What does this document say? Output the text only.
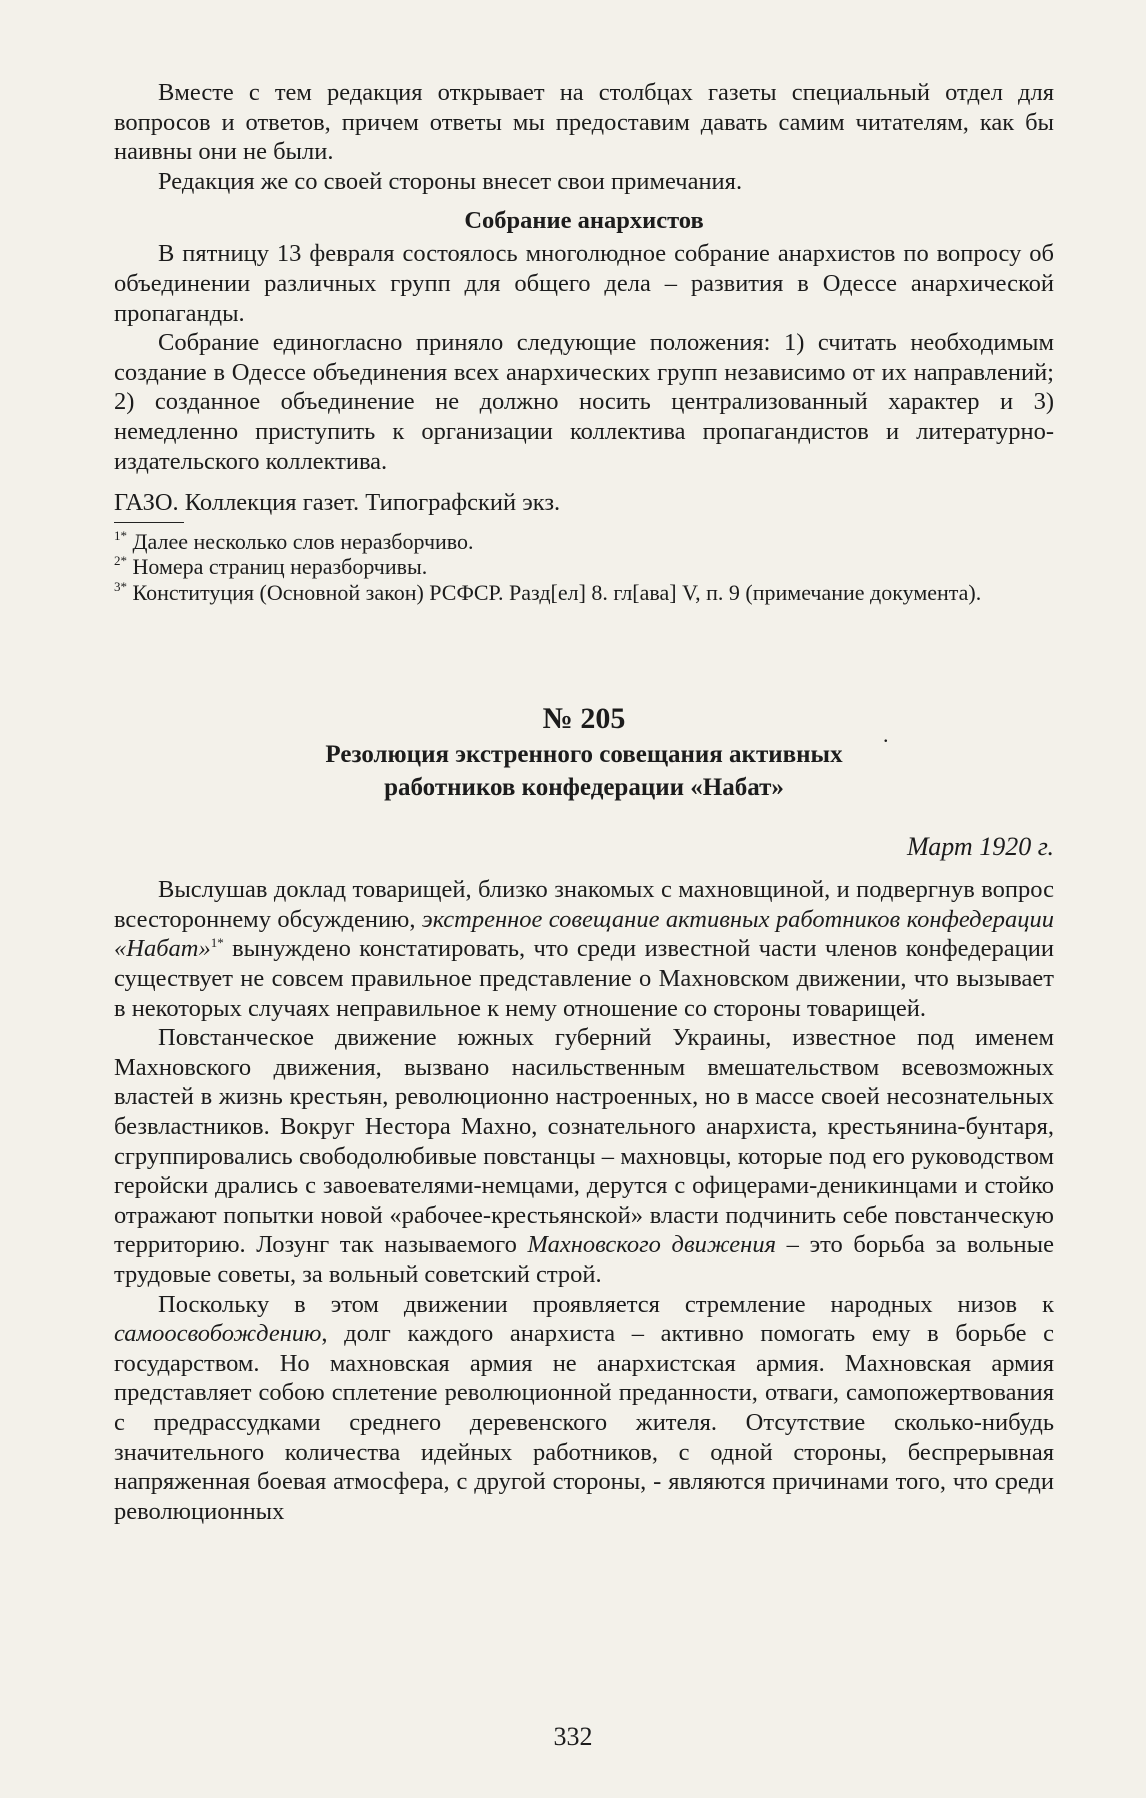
Вместе с тем редакция открывает на столбцах газеты специальный отдел для вопросов и ответов, причем ответы мы предоставим давать самим читателям, как бы наивны они не были.

Редакция же со своей стороны внесет свои примечания.

Собрание анархистов

В пятницу 13 февраля состоялось многолюдное собрание анархистов по вопросу об объединении различных групп для общего дела – развития в Одессе анархической пропаганды.

Собрание единогласно приняло следующие положения: 1) считать необходимым создание в Одессе объединения всех анархических групп независимо от их направлений; 2) созданное объединение не должно носить централизованный характер и 3) немедленно приступить к организации коллектива пропагандистов и литературно-издательского коллектива.

ГАЗО. Коллекция газет. Типографский экз.

$^{1*}$ Далее несколько слов неразборчиво.

$^{2*}$ Номера страниц неразборчивы.

$^{3*}$ Конституция (Основной закон) РСФСР. Разд[ел] 8. гл[ава] V, п. 9 (примечание документа).

№ 205
Резолюция экстренного совещания активных
работников конфедерации «Набат»
Март 1920 г.

Выслушав доклад товарищей, близко знакомых с махновщиной, и подвергнув вопрос всестороннему обсуждению, экстренное совещание активных работников конфедерации «Набат»$^{1*}$ вынуждено констатировать, что среди известной части членов конфедерации существует не совсем правильное представление о Махновском движении, что вызывает в некоторых случаях неправильное к нему отношение со стороны товарищей.

Повстанческое движение южных губерний Украины, известное под именем Махновского движения, вызвано насильственным вмешательством всевозможных властей в жизнь крестьян, революционно настроенных, но в массе своей несознательных безвластников. Вокруг Нестора Махно, сознательного анархиста, крестьянина-бунтаря, сгруппировались свободолюбивые повстанцы – махновцы, которые под его руководством геройски дрались с завоевателями-немцами, дерутся с офицерами-деникинцами и стойко отражают попытки новой «рабочее-крестьянской» власти подчинить себе повстанческую территорию. Лозунг так называемого Махновского движения – это борьба за вольные трудовые советы, за вольный советский строй.

Поскольку в этом движении проявляется стремление народных низов к самоосвобождению, долг каждого анархиста – активно помогать ему в борьбе с государством. Но махновская армия не анархистская армия. Махновская армия представляет собою сплетение революционной преданности, отваги, самопожертвования с предрассудками среднего деревенского жителя. Отсутствие сколько-нибудь значительного количества идейных работников, с одной стороны, беспрерывная напряженная боевая атмосфера, с другой стороны, - являются причинами того, что среди революционных

.
332
